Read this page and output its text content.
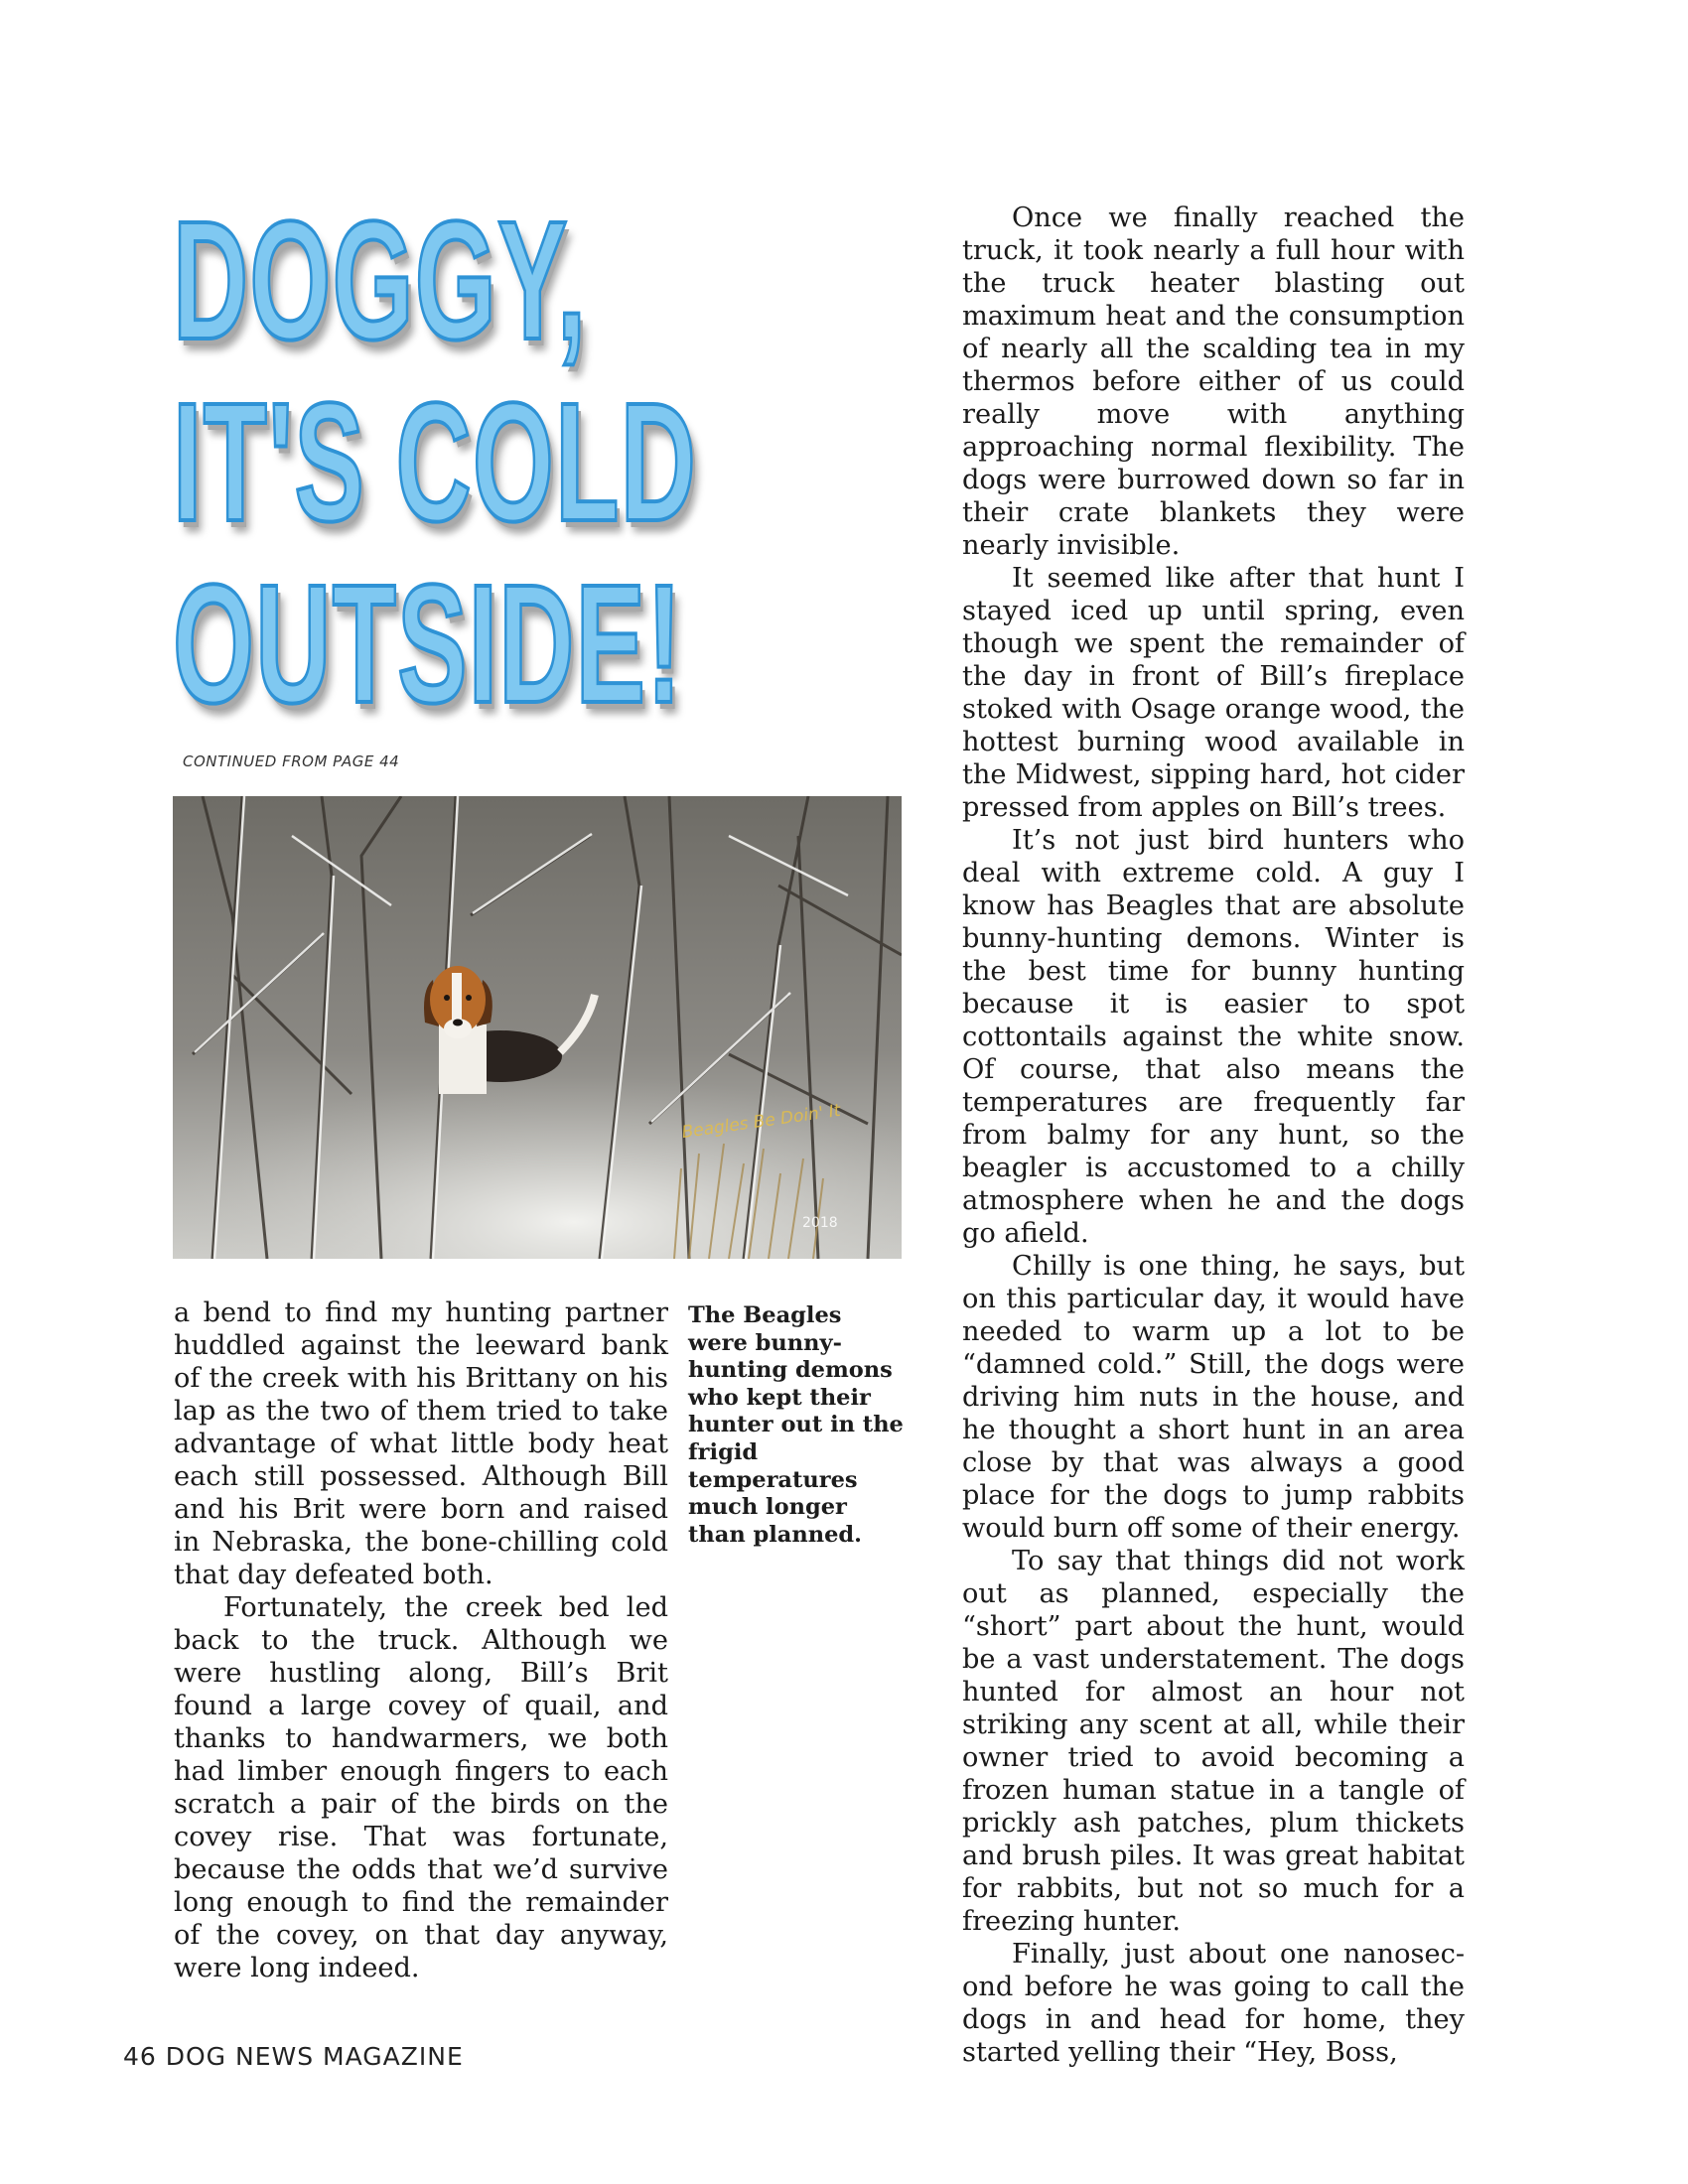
DOGGY,
IT'S COLD
OUTSIDE!

CONTINUED FROM PAGE 44

Beagles Be Doin' It
2018

a bend to find my hunting partner huddled against the leeward bank of the creek with his Brittany on his lap as the two of them tried to take advantage of what little body heat each still possessed. Although Bill and his Brit were born and raised in Nebraska, the bone-chilling cold that day defeated both.

Fortunately, the creek bed led back to the truck. Although we were hustling along, Bill’s Brit found a large covey of quail, and thanks to handwarmers, we both had limber enough fingers to each scratch a pair of the birds on the covey rise. That was fortunate, because the odds that we’d survive long enough to find the remainder of the covey, on that day anyway, were long indeed.

The Beagles were bunny-hunting demons who kept their hunter out in the frigid temperatures much longer than planned.

Once we finally reached the truck, it took nearly a full hour with the truck heater blasting out maximum heat and the consumption of nearly all the scalding tea in my thermos before either of us could really move with anything approaching normal flexibility. The dogs were burrowed down so far in their crate blankets they were nearly invisible.

It seemed like after that hunt I stayed iced up until spring, even though we spent the remainder of the day in front of Bill’s fireplace stoked with Osage orange wood, the hottest burning wood available in the Midwest, sipping hard, hot cider pressed from apples on Bill’s trees.

It’s not just bird hunters who deal with extreme cold. A guy I know has Beagles that are absolute bunny-hunting demons. Winter is the best time for bunny hunting because it is easier to spot cottontails against the white snow. Of course, that also means the temperatures are frequently far from balmy for any hunt, so the beagler is accustomed to a chilly atmosphere when he and the dogs go afield.

Chilly is one thing, he says, but on this particular day, it would have needed to warm up a lot to be “damned cold.” Still, the dogs were driving him nuts in the house, and he thought a short hunt in an area close by that was always a good place for the dogs to jump rabbits would burn off some of their energy.

To say that things did not work out as planned, especially the “short” part about the hunt, would be a vast understatement. The dogs hunted for almost an hour not striking any scent at all, while their owner tried to avoid becoming a frozen human statue in a tangle of prickly ash patches, plum thickets and brush piles. It was great habitat for rabbits, but not so much for a freezing hunter.

Finally, just about one nanosecond before he was going to call the dogs in and head for home, they started yelling their “Hey, Boss,

46 DOG NEWS MAGAZINE
